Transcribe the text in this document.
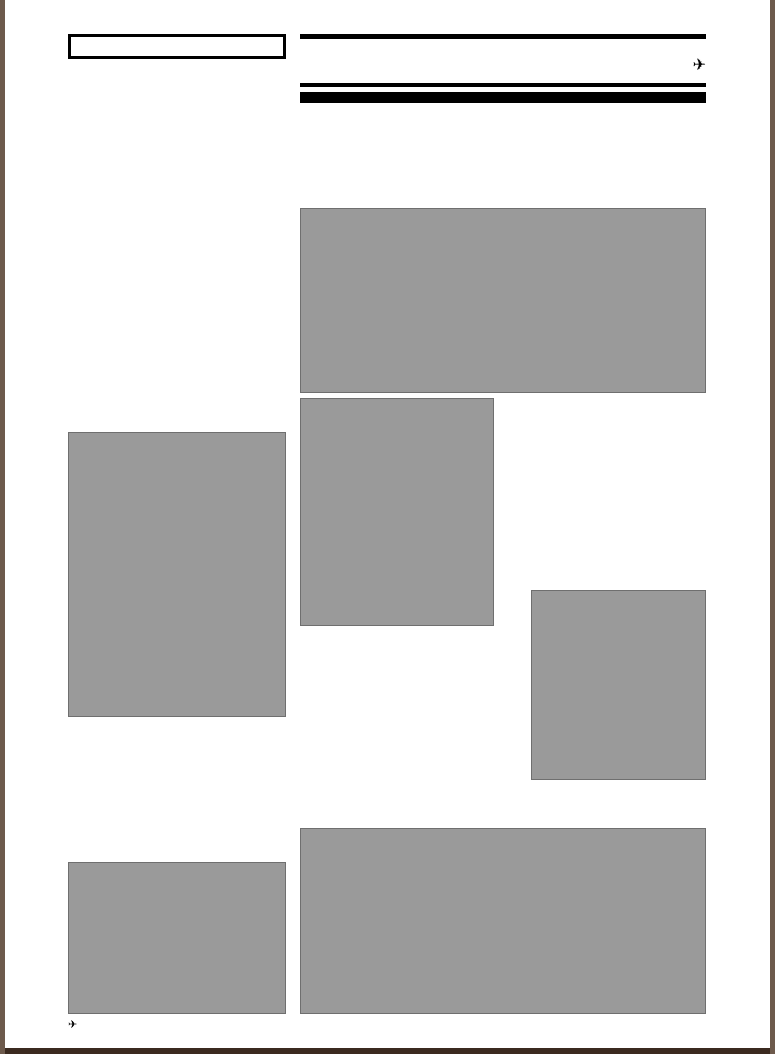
✈

✈
